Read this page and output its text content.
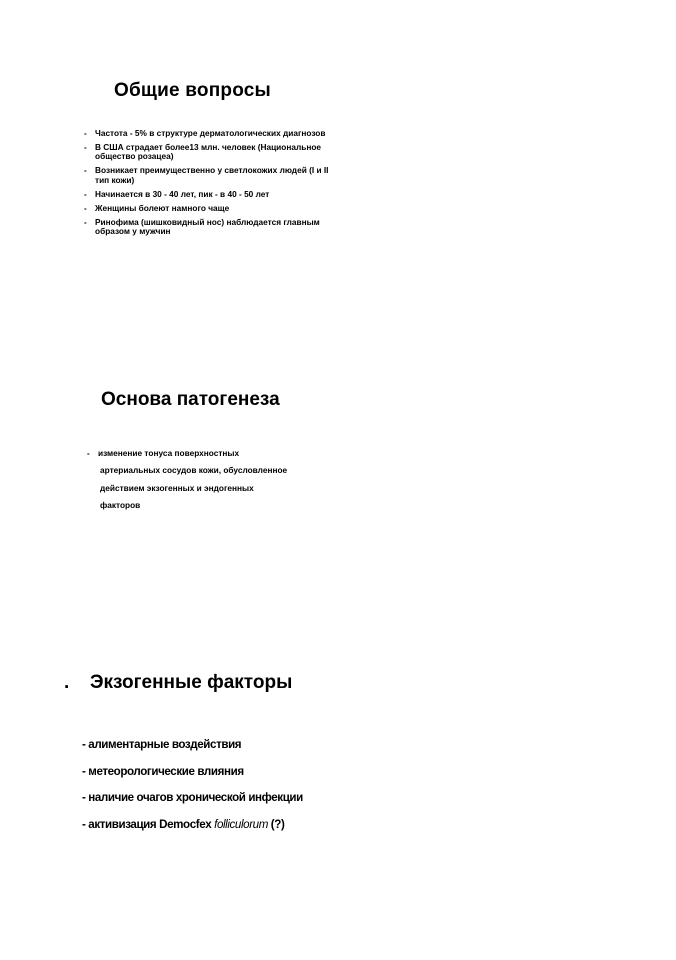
Общие вопросы
- Частота - 5% в структуре дерматологических диагнозов
- В США страдает более13 млн. человек (Национальное общество розацеа)
- Возникает преимущественно у светлокожих людей (I и II тип кожи)
- Начинается в 30 - 40 лет, пик - в 40 - 50 лет
- Женщины болеют намного чаще
- Ринофима (шишковидный нос) наблюдается главным образом у мужчин
Основа патогенеза
- изменение тонуса поверхностных
артериальных сосудов кожи, обусловленное
действием экзогенных и эндогенных
факторов
. Экзогенные факторы
- алиментарные воздействия
- метеорологические влияния
- наличие очагов хронической инфекции
- активизация Democfex folliculorum (?)
